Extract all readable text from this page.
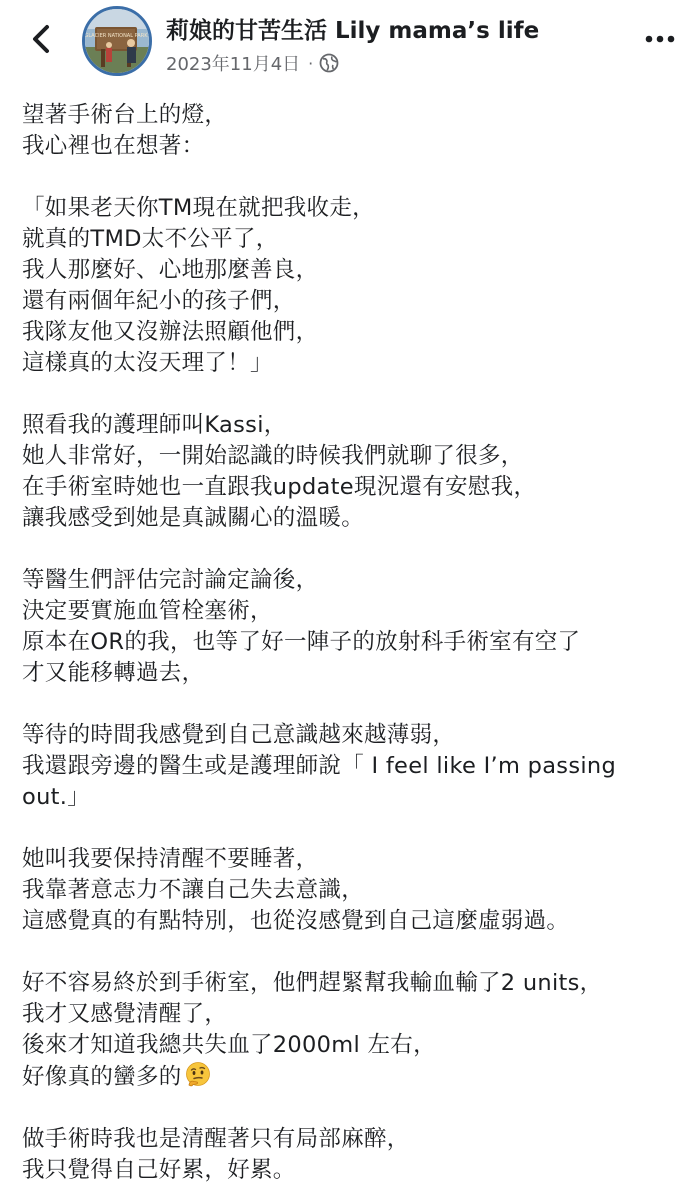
GLACIER NATIONAL PARK 莉娘的甘苦生活 Lily mama’s life
2023年11月4日 ·
望著手術台上的燈，
我心裡也在想著：
「如果老天你TM現在就把我收走，
就真的TMD太不公平了，
我人那麼好、心地那麼善良，
還有兩個年紀小的孩子們，
我隊友他又沒辦法照顧他們，
這樣真的太沒天理了！」
照看我的護理師叫Kassi，
她人非常好，一開始認識的時候我們就聊了很多，
在手術室時她也一直跟我update現況還有安慰我，
讓我感受到她是真誠關心的溫暖。
等醫生們評估完討論定論後，
決定要實施血管栓塞術，
原本在OR的我，也等了好一陣子的放射科手術室有空了
才又能移轉過去，
等待的時間我感覺到自己意識越來越薄弱，
我還跟旁邊的醫生或是護理師說「 I feel like I’m passing
out.」
她叫我要保持清醒不要睡著，
我靠著意志力不讓自己失去意識，
這感覺真的有點特別，也從沒感覺到自己這麼虛弱過。
好不容易終於到手術室，他們趕緊幫我輸血輸了2 units，
我才又感覺清醒了，
後來才知道我總共失血了2000ml 左右，
好像真的蠻多的
做手術時我也是清醒著只有局部麻醉，
我只覺得自己好累，好累。
